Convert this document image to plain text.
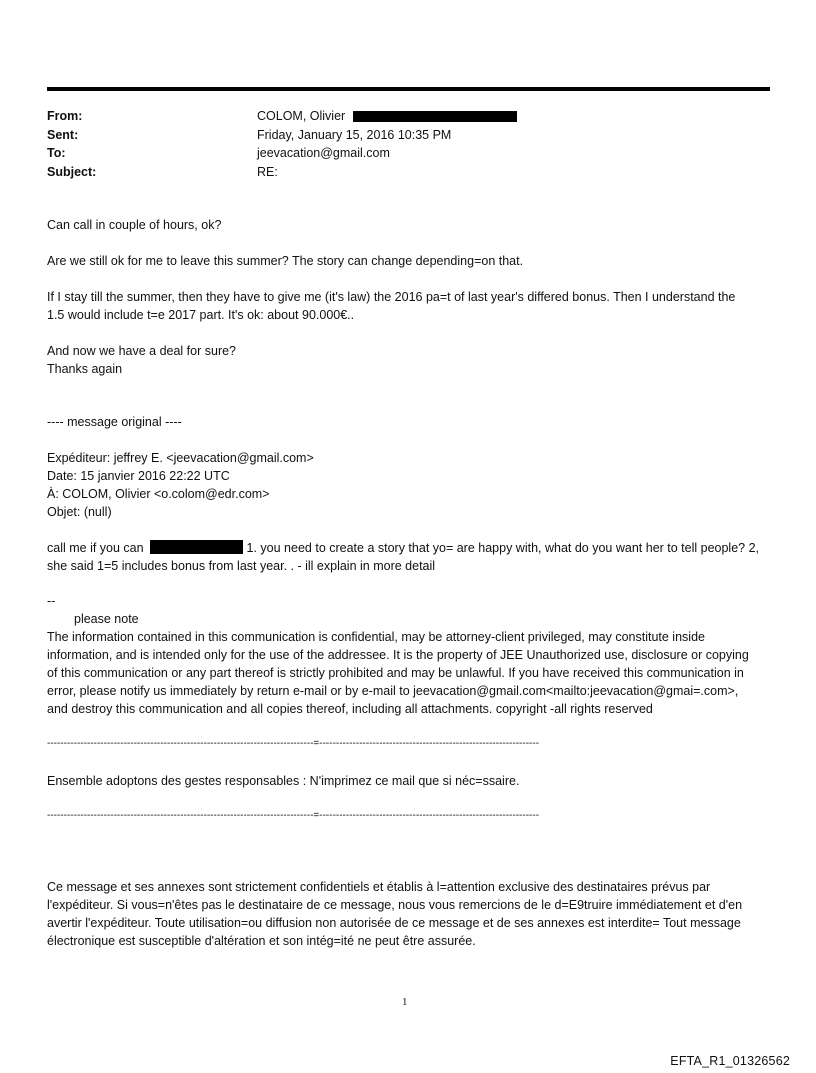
From:	COLOM, Olivier
Sent:	Friday, January 15, 2016 10:35 PM
To:	jeevacation@gmail.com
Subject:	RE:

Can call in couple of hours, ok?

Are we still ok for me to leave this summer? The story can change depending=on that.

If I stay till the summer, then they have to give me (it's law) the 2016 pa=t of last year's differed bonus. Then I understand the 1.5 would include t=e 2017 part. It's ok: about 90.000€..

And now we have a deal for sure?

Thanks again

---- message original ----

Expéditeur: jeffrey E. <jeevacation@gmail.com>

Date: 15 janvier 2016 22:22 UTC

À: COLOM, Olivier <o.colom@edr.com>

Objet: (null)

call me if you can	1. you need to create a story that yo= are happy with, what do you want her to tell people? 2, she said 1=5 includes bonus from last year. . - ill explain in more detail

--

please note

The information contained in this communication is confidential, may be attorney-client privileged, may constitute inside information, and is intended only for the use of the addressee. It is the property of JEE Unauthorized use, disclosure or copying of this communication or any part thereof is strictly prohibited and may be unlawful. If you have received this communication in error, please notify us immediately by return e-mail or by e-mail to jeevacation@gmail.com<mailto:jeevacation@gmai=.com>, and destroy this communication and all copies thereof, including all attachments. copyright -all rights reserved

--------------------------------------------------------------------------------=------------------------------------------------------------------

Ensemble adoptons des gestes responsables : N'imprimez ce mail que si néc=ssaire.

--------------------------------------------------------------------------------=------------------------------------------------------------------

Ce message et ses annexes sont strictement confidentiels et établis à l=attention exclusive des destinataires prévus par l'expéditeur. Si vous=n'êtes pas le destinataire de ce message, nous vous remercions de le d=E9truire immédiatement et d'en avertir l'expéditeur. Toute utilisation=ou diffusion non autorisée de ce message et de ses annexes est interdite= Tout message électronique est susceptible d'altération et son intég=ité ne peut être assurée.

1
EFTA_R1_01326562
